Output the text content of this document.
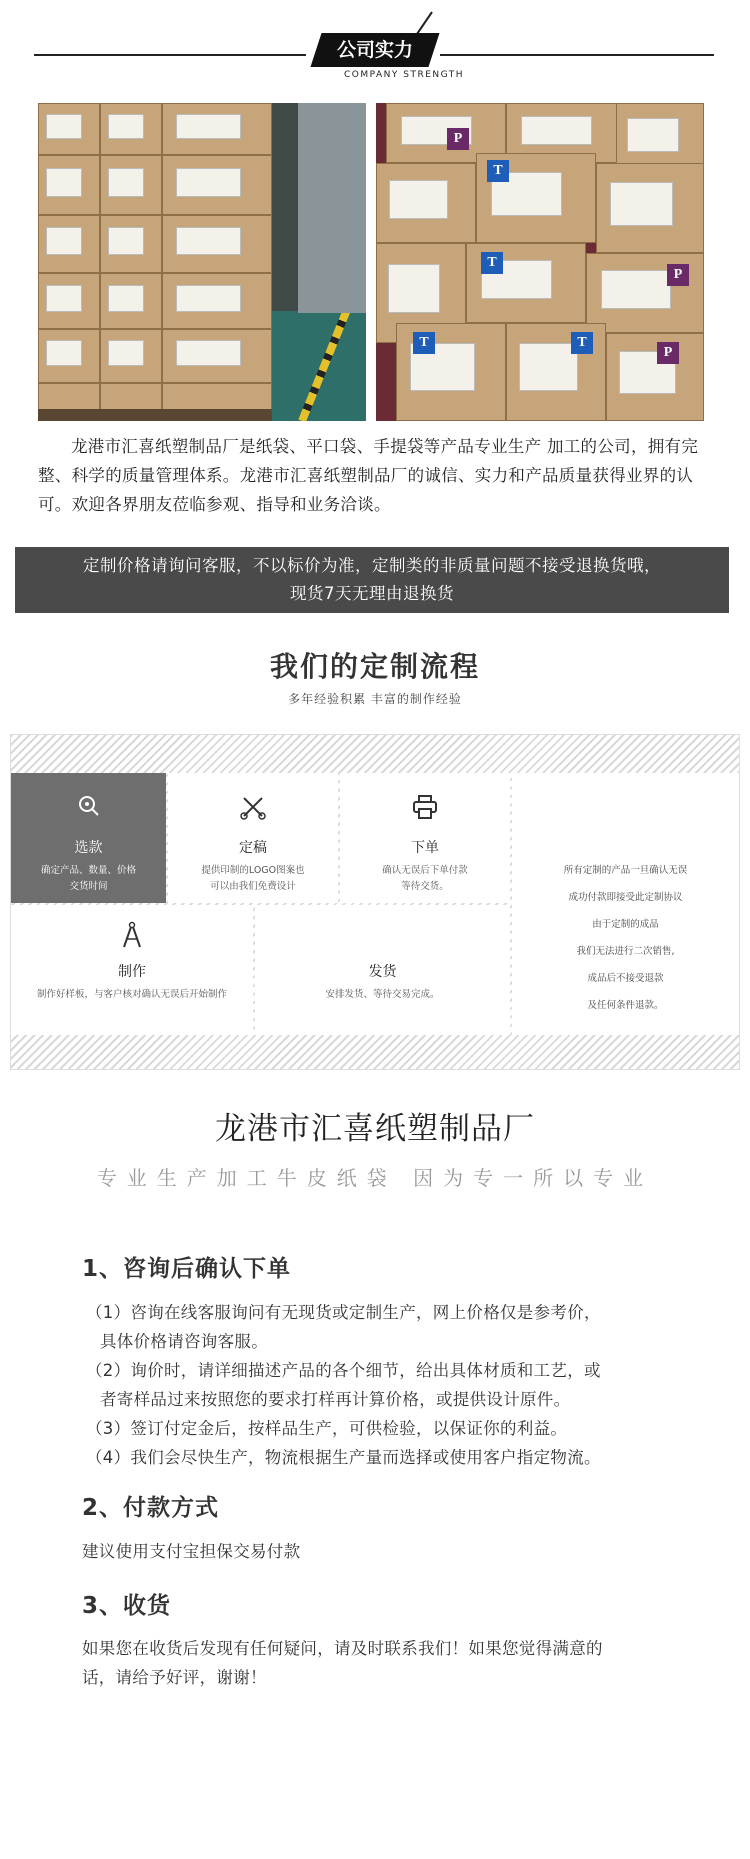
公司实力
COMPANY STRENGTH
P
T
T
P
T	T
P

龙港市汇喜纸塑制品厂是纸袋、平口袋、手提袋等产品专业生产 加工的公司，拥有完整、科学的质量管理体系。龙港市汇喜纸塑制品厂的诚信、实力和产品质量获得业界的认可。欢迎各界朋友莅临参观、指导和业务洽谈。

定制价格请询问客服，不以标价为准，定制类的非质量问题不接受退换货哦，
现货7天无理由退换货
我们的定制流程
多年经验积累 丰富的制作经验
选款
确定产品、数量、价格
交货时间
定稿
提供印制的LOGO图案也
可以由我们免费设计
下单
确认无误后下单付款
等待交货。
所有定制的产品一旦确认无误
成功付款即接受此定制协议
由于定制的成品
我们无法进行二次销售,
成品后不接受退款
及任何条件退款。
制作
制作好样板，与客户核对确认无误后开始制作
发货
安排发货、等待交易完成。
龙港市汇喜纸塑制品厂
专业生产加工牛皮纸袋 因为专一所以专业
1、咨询后确认下单
（1）咨询在线客服询问有无现货或定制生产，网上价格仅是参考价，
具体价格请咨询客服。
（2）询价时，请详细描述产品的各个细节，给出具体材质和工艺，或
者寄样品过来按照您的要求打样再计算价格，或提供设计原件。
（3）签订付定金后，按样品生产，可供检验，以保证你的利益。
（4）我们会尽快生产，物流根据生产量而选择或使用客户指定物流。
2、付款方式
建议使用支付宝担保交易付款
3、收货
如果您在收货后发现有任何疑问，请及时联系我们！如果您觉得满意的
话，请给予好评，谢谢！
